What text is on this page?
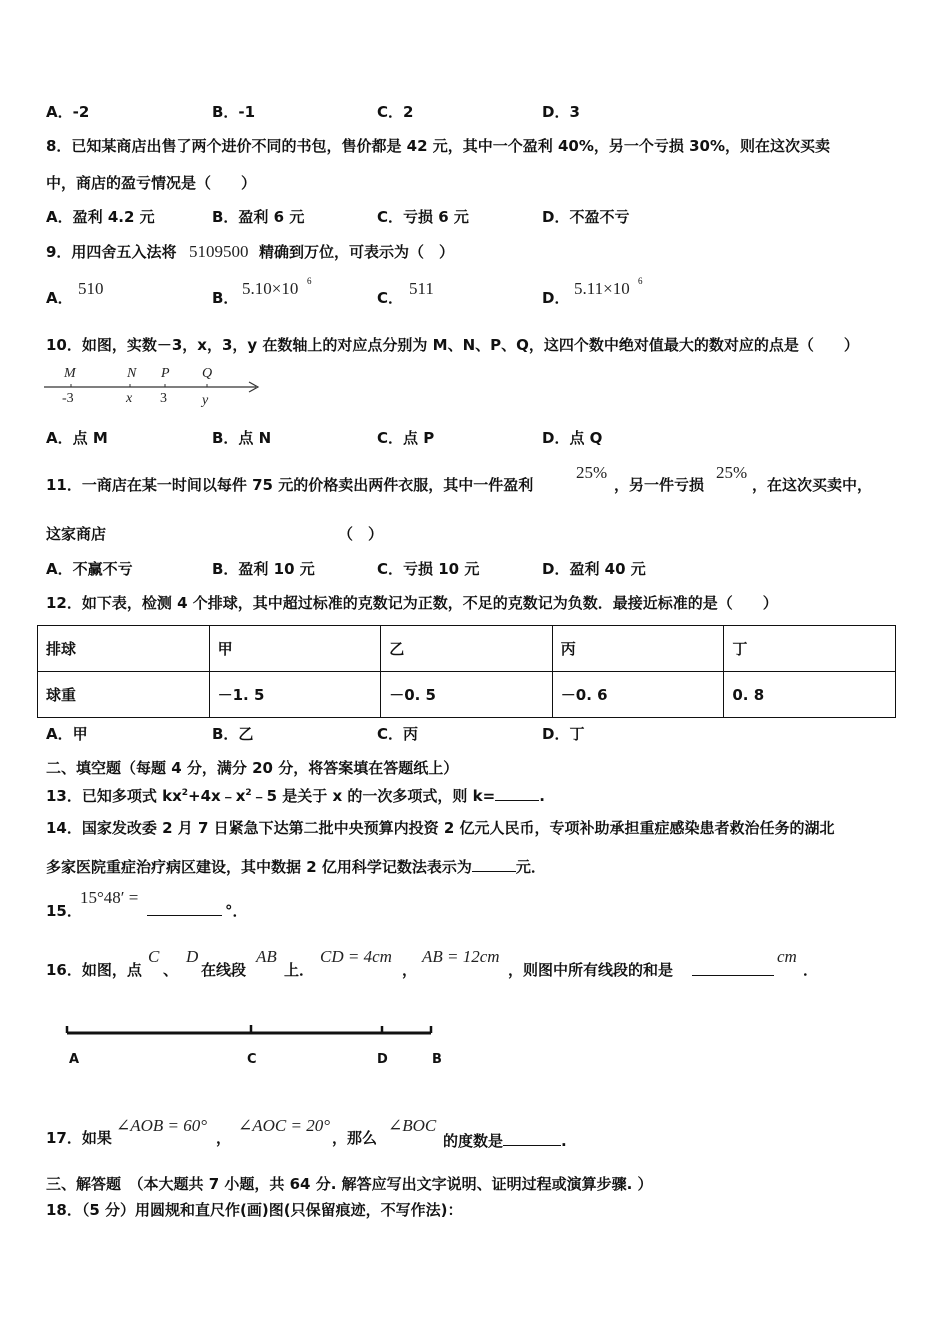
A．-2	B．-1	C．2	D．3
8．已知某商店出售了两个进价不同的书包，售价都是 42 元，其中一个盈利 40%，另一个亏损 30%，则在这次买卖
中，商店的盈亏情况是（　　）
A．盈利 4.2 元	B．盈利 6 元	C．亏损 6 元	D．不盈不亏
9．用四舍五入法将 5109500 精确到万位，可表示为（　）
A． 510	B． 5.10×10 6
C． 511	D． 5.11×10 6
10．如图，实数－3，x，3，y 在数轴上的对应点分别为 M、N、P、Q，这四个数中绝对值最大的数对应的点是（　　）
M	N P Q
-3	x 3	y
A．点 M	B．点 N	C．点 P	D．点 Q
11．一商店在某一时间以每件 75 元的价格卖出两件衣服，其中一件盈利
25%
，另一件亏损
25%
，在这次买卖中，
这家商店	（　）
A．不赢不亏	B．盈利 10 元	C．亏损 10 元	D．盈利 40 元
12．如下表，检测 4 个排球，其中超过标准的克数记为正数，不足的克数记为负数．最接近标准的是（　　）
排球	甲	乙	丙	丁
球重	－1. 5	－0. 5	－0. 6	0. 8
A．甲	B．乙	C．丙	D．丁
二、填空题（每题 4 分，满分 20 分，将答案填在答题纸上）
13．已知多项式 $kx^2+4x﹣x^2﹣5$ 是关于 x 的一次多项式，则 k=	.
14．国家发改委 2 月 7 日紧急下达第二批中央预算内投资 2 亿元人民币，专项补助承担重症感染患者救治任务的湖北
多家医院重症治疗病区建设，其中数据 2 亿用科学记数法表示为	元．
15．
15°48′ =
°．
16．如图，点
C
、
D
在线段
AB
上．
CD = 4cm
，
AB = 12cm
，则图中所有线段的和是
cm
．
A	C	D	B
17．如果
∠AOB = 60°
，
∠AOC = 20°
，那么
∠BOC
的度数是	.
三、解答题　（本大题共 7 小题，共 64 分. 解答应写出文字说明、证明过程或演算步骤. ）
18．（5 分）用圆规和直尺作(画)图(只保留痕迹，不写作法)：
